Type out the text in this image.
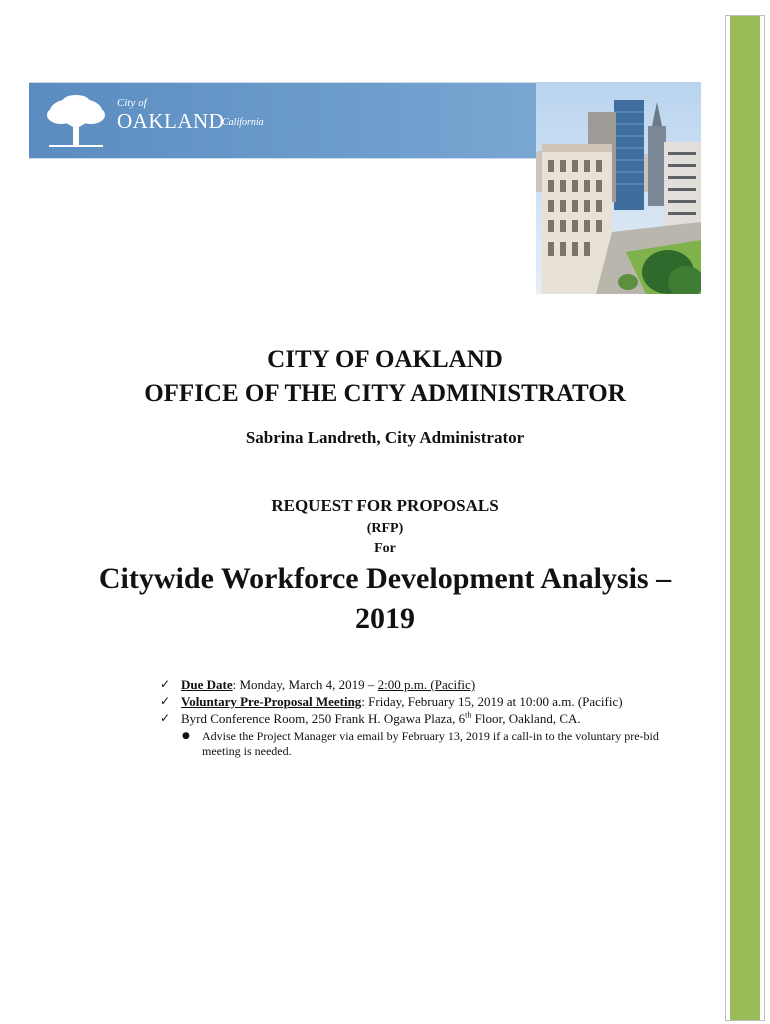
City of
OAKLAND
California
CITY OF OAKLAND
OFFICE OF THE CITY ADMINISTRATOR
Sabrina Landreth, City Administrator
REQUEST FOR PROPOSALS
(RFP)
For
Citywide Workforce Development Analysis –
2019
✓ Due Date: Monday, March 4, 2019 – 2:00 p.m. (Pacific)
✓ Voluntary Pre-Proposal Meeting: Friday, February 15, 2019 at 10:00 a.m. (Pacific)
✓ Byrd Conference Room, 250 Frank H. Ogawa Plaza, 6th Floor, Oakland, CA.
● Advise the Project Manager via email by February 13, 2019 if a call-in to the voluntary pre-bid meeting is needed.
